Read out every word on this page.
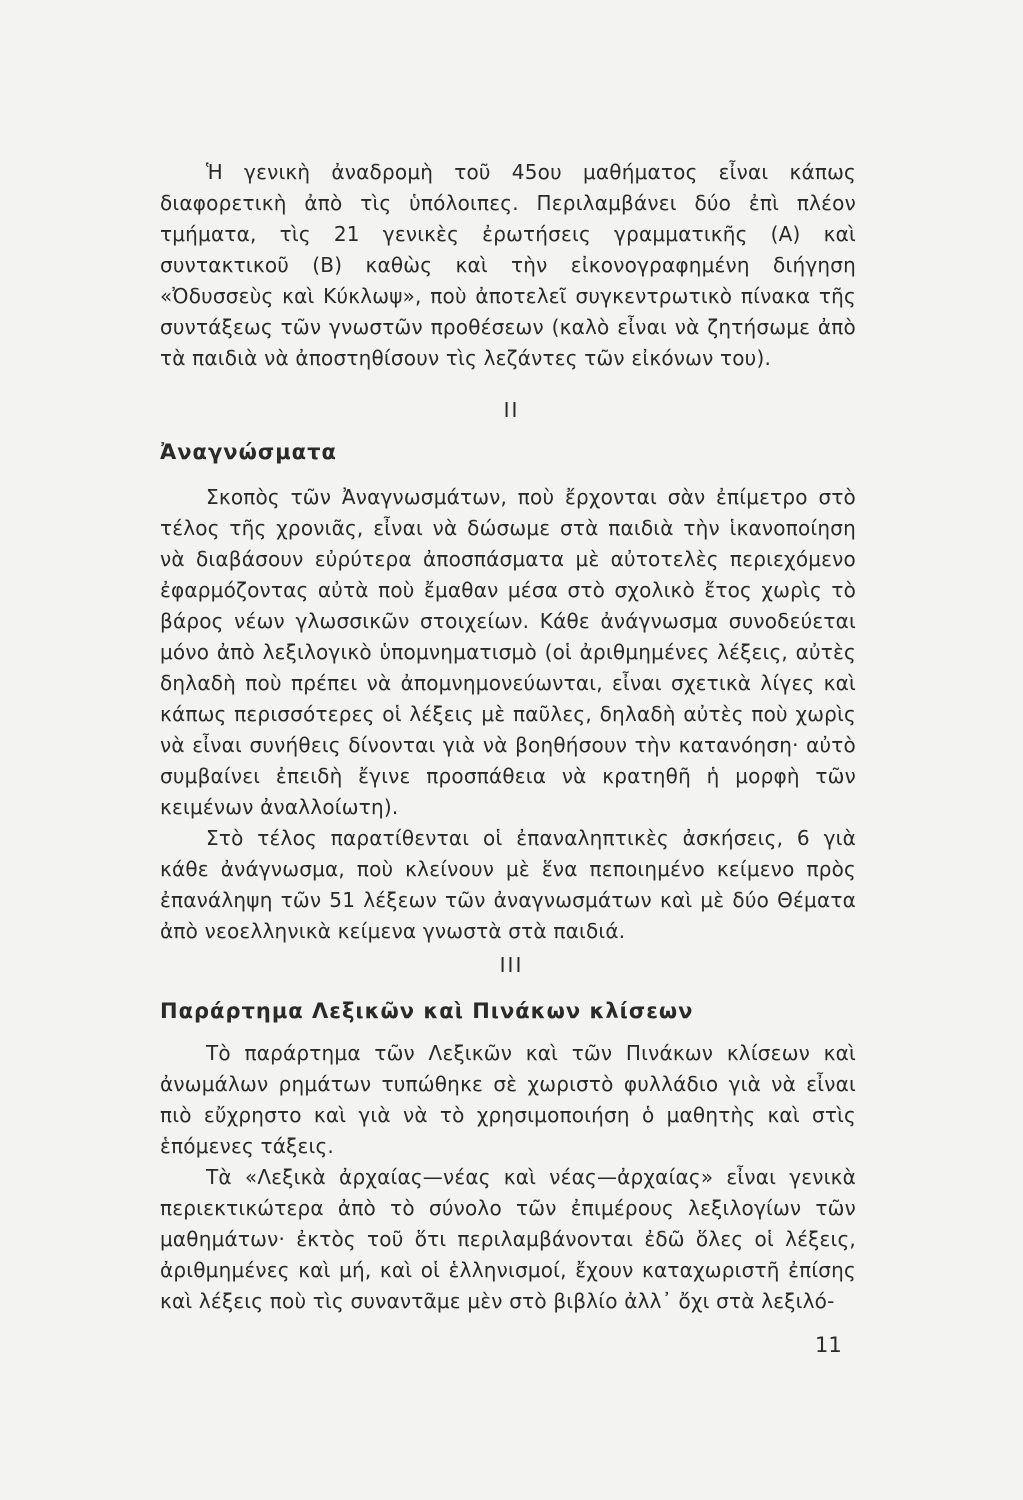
Ἡ γενικὴ ἀναδρομὴ τοῦ 45ου μαθήματος εἶναι κάπως διαφορετικὴ ἀπὸ τὶς ὑπόλοιπες. Περιλαμβάνει δύο ἐπὶ πλέον τμήματα, τὶς 21 γενικὲς ἐρωτήσεις γραμματικῆς (Α) καὶ συντακτικοῦ (Β) καθὼς καὶ τὴν εἰκονογραφημένη διήγηση «Ὀδυσσεὺς καὶ Κύκλωψ», ποὺ ἀποτελεῖ συγκεντρωτικὸ πίνακα τῆς συντάξεως τῶν γνωστῶν προθέσεων (καλὸ εἶναι νὰ ζητήσωμε ἀπὸ τὰ παιδιὰ νὰ ἀποστηθίσουν τὶς λεζάντες τῶν εἰκόνων του).

II
Ἀναγνώσματα

Σκοπὸς τῶν Ἀναγνωσμάτων, ποὺ ἔρχονται σὰν ἐπίμετρο στὸ τέλος τῆς χρονιᾶς, εἶναι νὰ δώσωμε στὰ παιδιὰ τὴν ἱκανοποίηση νὰ διαβάσουν εὐρύτερα ἀποσπάσματα μὲ αὐτοτελὲς περιεχόμενο ἐφαρμόζοντας αὐτὰ ποὺ ἔμαθαν μέσα στὸ σχολικὸ ἔτος χωρὶς τὸ βάρος νέων γλωσσικῶν στοιχείων. Κάθε ἀνάγνωσμα συνοδεύεται μόνο ἀπὸ λεξιλογικὸ ὑπομνηματισμὸ (οἱ ἀριθμημένες λέξεις, αὐτὲς δηλαδὴ ποὺ πρέπει νὰ ἀπομνημονεύωνται, εἶναι σχετικὰ λίγες καὶ κάπως περισσότερες οἱ λέξεις μὲ παῦλες, δηλαδὴ αὐτὲς ποὺ χωρὶς νὰ εἶναι συνήθεις δίνονται γιὰ νὰ βοηθήσουν τὴν κατανόηση· αὐτὸ συμβαίνει ἐπειδὴ ἔγινε προσπάθεια νὰ κρατηθῆ ἡ μορφὴ τῶν κειμένων ἀναλλοίωτη).

Στὸ τέλος παρατίθενται οἱ ἐπαναληπτικὲς ἀσκήσεις, 6 γιὰ κάθε ἀνάγνωσμα, ποὺ κλείνουν μὲ ἕνα πεποιημένο κείμενο πρὸς ἐπανάληψη τῶν 51 λέξεων τῶν ἀναγνωσμάτων καὶ μὲ δύο Θέματα ἀπὸ νεοελληνικὰ κείμενα γνωστὰ στὰ παιδιά.

III
Παράρτημα Λεξικῶν καὶ Πινάκων κλίσεων

Τὸ παράρτημα τῶν Λεξικῶν καὶ τῶν Πινάκων κλίσεων καὶ ἀνωμάλων ρημάτων τυπώθηκε σὲ χωριστὸ φυλλάδιο γιὰ νὰ εἶναι πιὸ εὔχρηστο καὶ γιὰ νὰ τὸ χρησιμοποιήση ὁ μαθητὴς καὶ στὶς ἑπόμενες τάξεις.

Τὰ «Λεξικὰ ἀρχαίας—νέας καὶ νέας—ἀρχαίας» εἶναι γενικὰ περιεκτικώτερα ἀπὸ τὸ σύνολο τῶν ἐπιμέρους λεξιλογίων τῶν μαθημάτων· ἐκτὸς τοῦ ὅτι περιλαμβάνονται ἐδῶ ὅλες οἱ λέξεις, ἀριθμημένες καὶ μή, καὶ οἱ ἑλληνισμοί, ἔχουν καταχωριστῆ ἐπίσης καὶ λέξεις ποὺ τὶς συναντᾶμε μὲν στὸ βιβλίο ἀλλ᾽ ὄχι στὰ λεξιλό-

11
